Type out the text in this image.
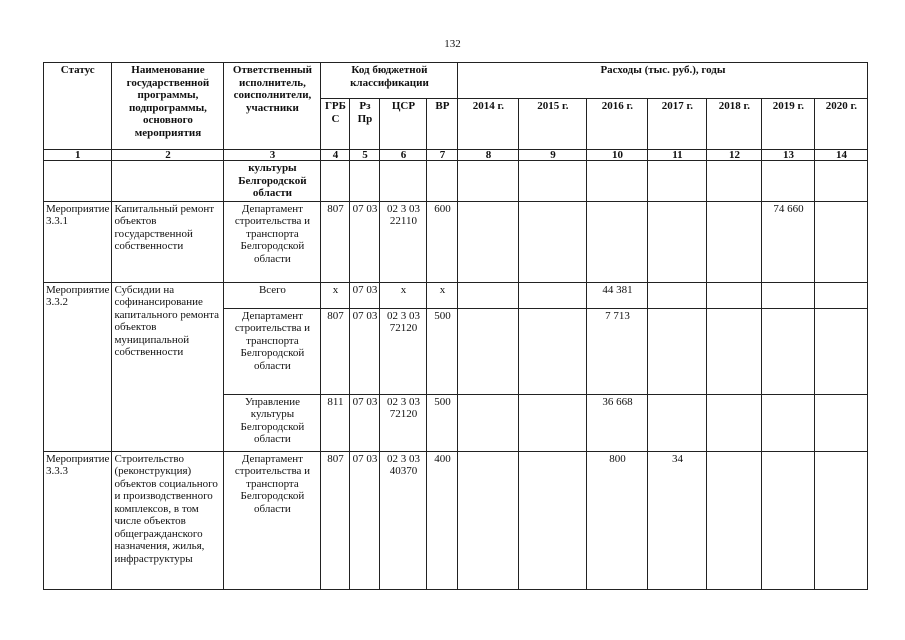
132
Статус	Наименование государственной программы, подпрограммы, основного мероприятия	Ответственный исполнитель, соисполнители, участники	Код бюджетной классификации				Расходы (тыс. руб.), годы						
			ГРБ С	Рз Пр	ЦСР	ВР	2014 г.	2015 г.	2016 г.	2017 г.	2018 г.	2019 г.	2020 г.
1	2	3	4	5	6	7	8	9	10	11	12	13	14
		культуры Белгородской области											
Мероприятие 3.3.1	Капитальный ремонт объектов государственной собственности	Департамент строительства и транспорта Белгородской области	807	07 03	02 3 03 22110	600						74 660	
Мероприятие 3.3.2	Субсидии на софинансирование капитального ремонта объектов муниципальной собственности	Всего	x	07 03	x	x			44 381				
		Департамент строительства и транспорта Белгородской области	807	07 03	02 3 03 72120	500			7 713				
		Управление культуры Белгородской области	811	07 03	02 3 03 72120	500			36 668				
Мероприятие 3.3.3	Строительство (реконструкция) объектов социального и производственного комплексов, в том числе объектов общегражданского назначения, жилья, инфраструктуры	Департамент строительства и транспорта Белгородской области	807	07 03	02 3 03 40370	400			800	34			
